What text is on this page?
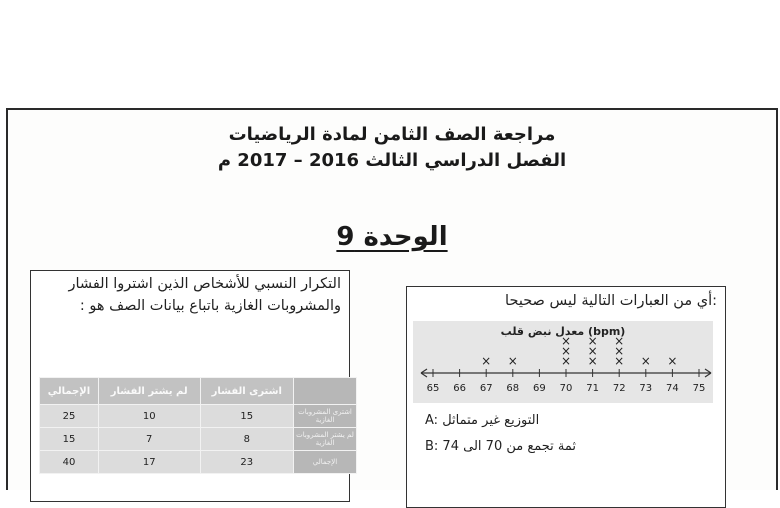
مراجعة الصف الثامن لمادة الرياضيات
الفصل الدراسي الثالث 2016 – 2017 م
الوحدة 9
التكرار النسبي للأشخاص الذين اشتروا الفشار والمشروبات الغازية باتباع بيانات الصف هو :
	اشترى الفشار	لم يشتر الفشار	الإجمالي
اشترى المشروبات الغازية	15	10	25
لم يشتر المشروبات الغازية	8	7	15
الإجمالي	23	17	40
:أي من العبارات التالية ليس صحيحا
معدل نبض قلب (bpm)
65 66 67 68 69 70 71 72 73 74 75
× ×	×
×
×
×
×
×
×
×
×
× ×
التوزيع غير متماثل A:
ثمة تجمع من 70 الى B: 74
